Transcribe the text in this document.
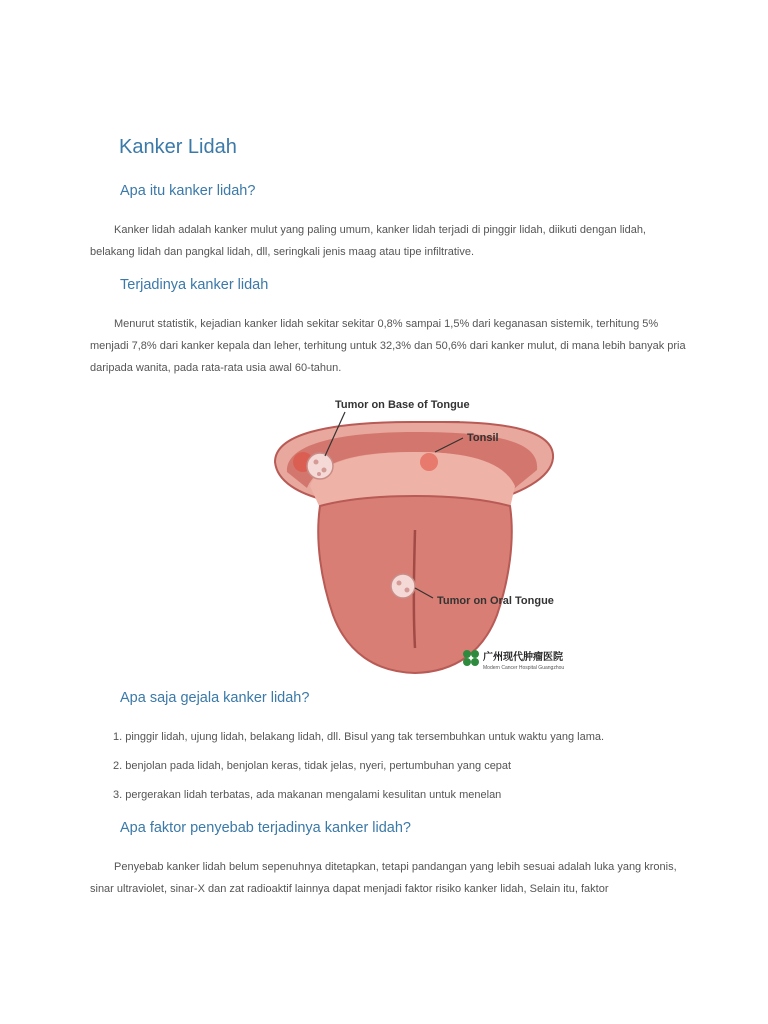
Kanker Lidah
Apa itu kanker lidah?

Kanker lidah adalah kanker mulut yang paling umum, kanker lidah terjadi di pinggir lidah, diikuti dengan lidah, belakang lidah dan pangkal lidah, dll, seringkali jenis maag atau tipe infiltrative.

Terjadinya kanker lidah

Menurut statistik, kejadian kanker lidah sekitar sekitar 0,8% sampai 1,5% dari keganasan sistemik, terhitung 5% menjadi 7,8% dari kanker kepala dan leher, terhitung untuk 32,3% dan 50,6% dari kanker mulut, di mana lebih banyak pria daripada wanita, pada rata-rata usia awal 60-tahun.

Tumor on Base of Tongue
Tonsil
Tumor on Oral Tongue
广州现代肿瘤医院
Modern Cancer Hospital Guangzhou
Apa saja gejala kanker lidah?

1. pinggir lidah, ujung lidah, belakang lidah, dll. Bisul yang tak tersembuhkan untuk waktu yang lama.

2. benjolan pada lidah, benjolan keras, tidak jelas, nyeri, pertumbuhan yang cepat

3. pergerakan lidah terbatas, ada makanan mengalami kesulitan untuk menelan

Apa faktor penyebab terjadinya kanker lidah?

Penyebab kanker lidah belum sepenuhnya ditetapkan, tetapi pandangan yang lebih sesuai adalah luka yang kronis, sinar ultraviolet, sinar-X dan zat radioaktif lainnya dapat menjadi faktor risiko kanker lidah, Selain itu, faktor
